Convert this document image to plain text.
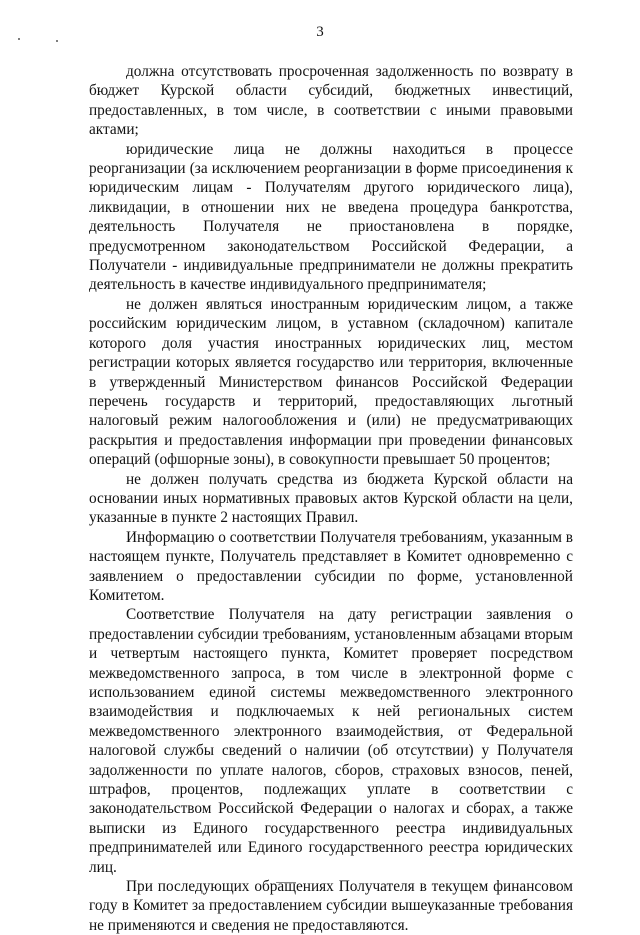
3

должна отсутствовать просроченная задолженность по возврату в бюджет Курской области субсидий, бюджетных инвестиций, предоставленных, в том числе, в соответствии с иными правовыми актами;

юридические лица не должны находиться в процессе реорганизации (за исключением реорганизации в форме присоединения к юридическим лицам - Получателям другого юридического лица), ликвидации, в отношении них не введена процедура банкротства, деятельность Получателя не приостановлена в порядке, предусмотренном законодательством Российской Федерации, а Получатели - индивидуальные предприниматели не должны прекратить деятельность в качестве индивидуального предпринимателя;

не должен являться иностранным юридическим лицом, а также российским юридическим лицом, в уставном (складочном) капитале которого доля участия иностранных юридических лиц, местом регистрации которых является государство или территория, включенные в утвержденный Министерством финансов Российской Федерации перечень государств и территорий, предоставляющих льготный налоговый режим налогообложения и (или) не предусматривающих раскрытия и предоставления информации при проведении финансовых операций (офшорные зоны), в совокупности превышает 50 процентов;

не должен получать средства из бюджета Курской области на основании иных нормативных правовых актов Курской области на цели, указанные в пункте 2 настоящих Правил.

Информацию о соответствии Получателя требованиям, указанным в настоящем пункте, Получатель представляет в Комитет одновременно с заявлением о предоставлении субсидии по форме, установленной Комитетом.

Соответствие Получателя на дату регистрации заявления о предоставлении субсидии требованиям, установленным абзацами вторым и четвертым настоящего пункта, Комитет проверяет посредством межведомственного запроса, в том числе в электронной форме с использованием единой системы межведомственного электронного взаимодействия и подключаемых к ней региональных систем межведомственного электронного взаимодействия, от Федеральной налоговой службы сведений о наличии (об отсутствии) у Получателя задолженности по уплате налогов, сборов, страховых взносов, пеней, штрафов, процентов, подлежащих уплате в соответствии с законодательством Российской Федерации о налогах и сборах, а также выписки из Единого государственного реестра индивидуальных предпринимателей или Единого государственного реестра юридических лиц.

При последующих обращениях Получателя в текущем финансовом году в Комитет за предоставлением субсидии вышеуказанные требования не применяются и сведения не предоставляются.
